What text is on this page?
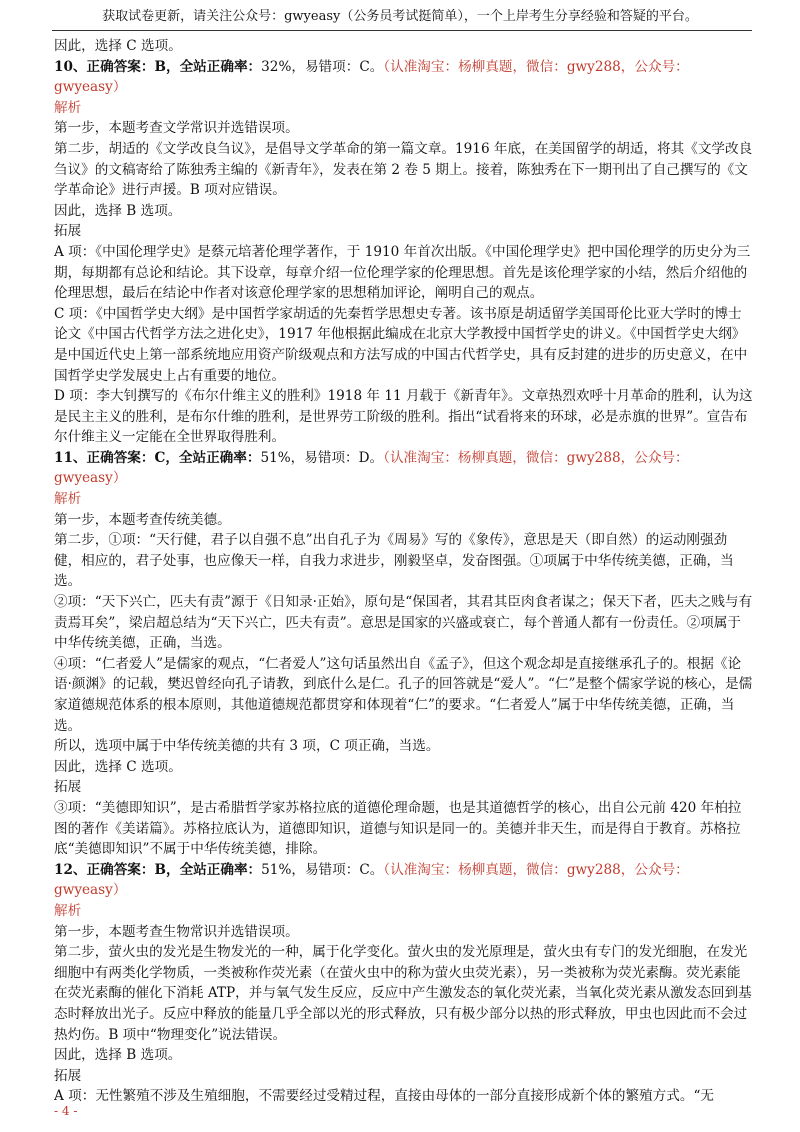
获取试卷更新，请关注公众号：gwyeasy（公务员考试挺简单），一个上岸考生分享经验和答疑的平台。

因此，选择 C 选项。

10、正确答案：B，全站正确率：32%，易错项：C。（认准淘宝：杨柳真题，微信：gwy288，公众号：gwyeasy）

解析

第一步，本题考查文学常识并选错误项。

第二步，胡适的《文学改良刍议》，是倡导文学革命的第一篇文章。1916 年底，在美国留学的胡适，将其《文学改良刍议》的文稿寄给了陈独秀主编的《新青年》，发表在第 2 卷 5 期上。接着，陈独秀在下一期刊出了自己撰写的《文学革命论》进行声援。B 项对应错误。

因此，选择 B 选项。

拓展

A 项：《中国伦理学史》是蔡元培著伦理学著作，于 1910 年首次出版。《中国伦理学史》把中国伦理学的历史分为三期，每期都有总论和结论。其下设章，每章介绍一位伦理学家的伦理思想。首先是该伦理学家的小结，然后介绍他的伦理思想，最后在结论中作者对该意伦理学家的思想稍加评论，阐明自己的观点。

C 项：《中国哲学史大纲》是中国哲学家胡适的先秦哲学思想史专著。该书原是胡适留学美国哥伦比亚大学时的博士论文《中国古代哲学方法之进化史》，1917 年他根据此编成在北京大学教授中国哲学史的讲义。《中国哲学史大纲》是中国近代史上第一部系统地应用资产阶级观点和方法写成的中国古代哲学史，具有反封建的进步的历史意义，在中国哲学史学发展史上占有重要的地位。

D 项：李大钊撰写的《布尔什维主义的胜利》1918 年 11 月载于《新青年》。文章热烈欢呼十月革命的胜利，认为这是民主主义的胜利，是布尔什维的胜利，是世界劳工阶级的胜利。指出“试看将来的环球，必是赤旗的世界”。宣告布尔什维主义一定能在全世界取得胜利。

11、正确答案：C，全站正确率：51%，易错项：D。（认准淘宝：杨柳真题，微信：gwy288，公众号：gwyeasy）

解析

第一步，本题考查传统美德。

第二步，①项：“天行健，君子以自强不息”出自孔子为《周易》写的《象传》，意思是天（即自然）的运动刚强劲健，相应的，君子处事，也应像天一样，自我力求进步，刚毅坚卓，发奋图强。①项属于中华传统美德，正确，当选。

②项：“天下兴亡，匹夫有责”源于《日知录·正始》，原句是“保国者，其君其臣肉食者谋之；保天下者，匹夫之贱与有责焉耳矣”，梁启超总结为“天下兴亡，匹夫有责”。意思是国家的兴盛或衰亡，每个普通人都有一份责任。②项属于中华传统美德，正确，当选。

④项：“仁者爱人”是儒家的观点，“仁者爱人”这句话虽然出自《孟子》，但这个观念却是直接继承孔子的。根据《论语·颜渊》的记载，樊迟曾经向孔子请教，到底什么是仁。孔子的回答就是“爱人”。“仁”是整个儒家学说的核心，是儒家道德规范体系的根本原则，其他道德规范都贯穿和体现着“仁”的要求。“仁者爱人”属于中华传统美德，正确，当选。

所以，选项中属于中华传统美德的共有 3 项，C 项正确，当选。

因此，选择 C 选项。

拓展

③项：“美德即知识”，是古希腊哲学家苏格拉底的道德伦理命题，也是其道德哲学的核心，出自公元前 420 年柏拉图的著作《美诺篇》。苏格拉底认为，道德即知识，道德与知识是同一的。美德并非天生，而是得自于教育。苏格拉底“美德即知识”不属于中华传统美德，排除。

12、正确答案：B，全站正确率：51%，易错项：C。（认准淘宝：杨柳真题，微信：gwy288，公众号：gwyeasy）

解析

第一步，本题考查生物常识并选错误项。

第二步，萤火虫的发光是生物发光的一种，属于化学变化。萤火虫的发光原理是，萤火虫有专门的发光细胞，在发光细胞中有两类化学物质，一类被称作荧光素（在萤火虫中的称为萤火虫荧光素），另一类被称为荧光素酶。荧光素能在荧光素酶的催化下消耗 ATP，并与氧气发生反应，反应中产生激发态的氧化荧光素，当氧化荧光素从激发态回到基态时释放出光子。反应中释放的能量几乎全部以光的形式释放，只有极少部分以热的形式释放，甲虫也因此而不会过热灼伤。B 项中“物理变化”说法错误。

因此，选择 B 选项。

拓展

A 项：无性繁殖不涉及生殖细胞，不需要经过受精过程，直接由母体的一部分直接形成新个体的繁殖方式。“无

- 4 -
